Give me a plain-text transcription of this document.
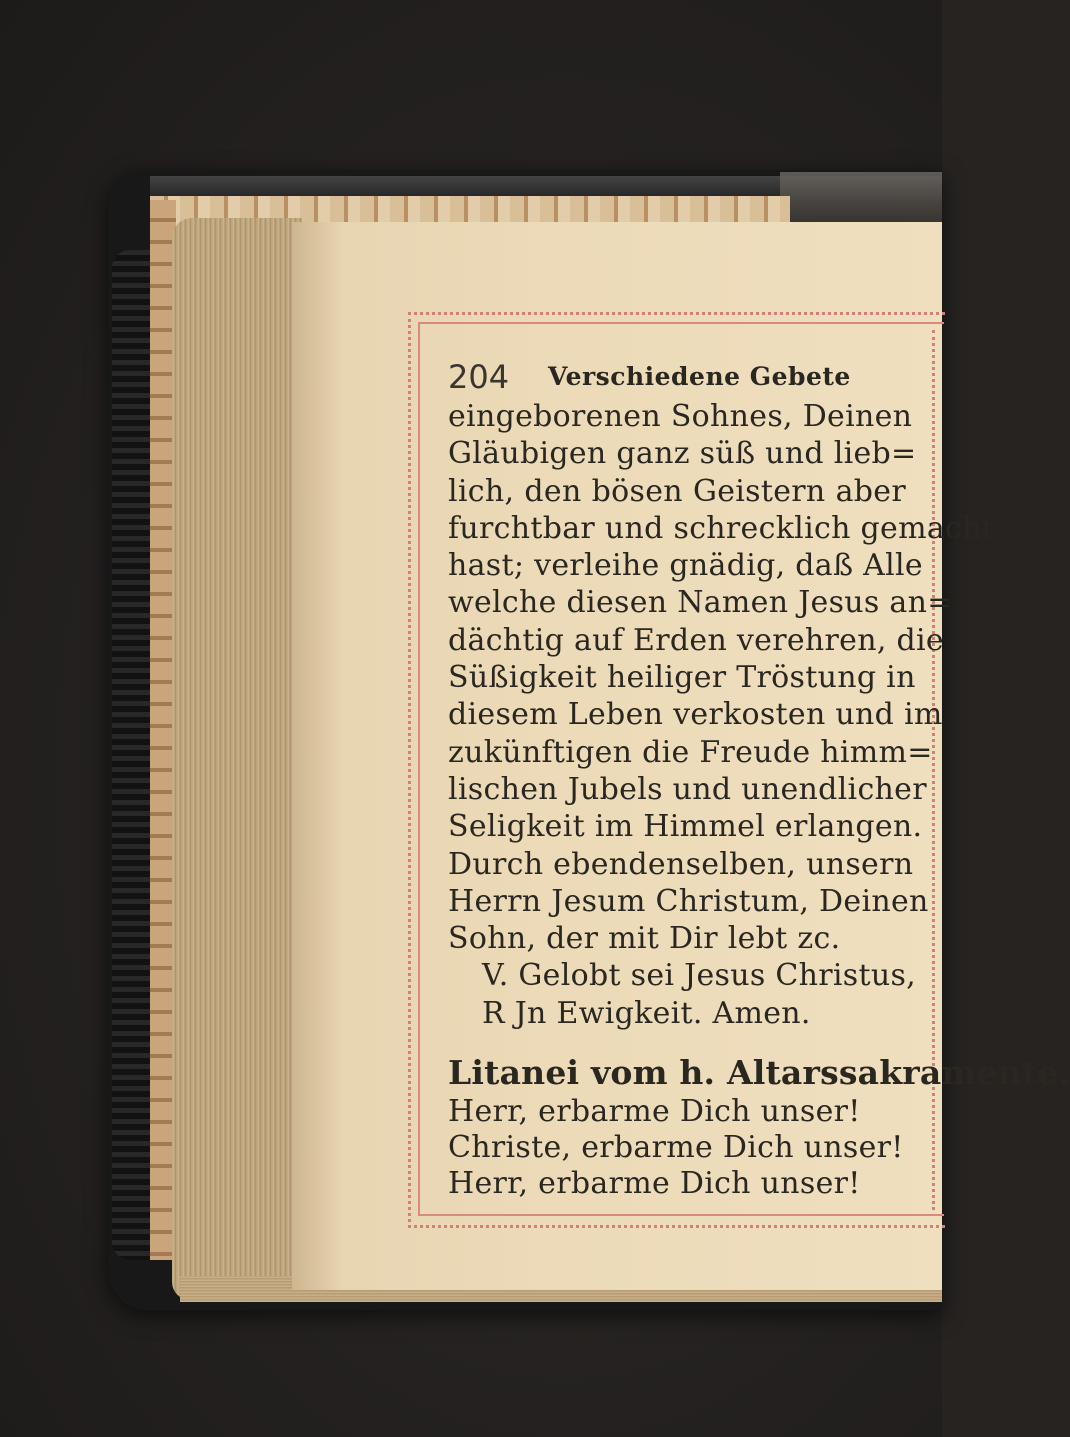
204 Verschiedene Gebete
eingeborenen Sohnes, Deinen
Gläubigen ganz süß und lieb=
lich, den bösen Geistern aber
furchtbar und schrecklich gemacht
hast; verleihe gnädig, daß Alle
welche diesen Namen Jesus an=
dächtig auf Erden verehren, die
Süßigkeit heiliger Tröstung in
diesem Leben verkosten und im
zukünftigen die Freude himm=
lischen Jubels und unendlicher
Seligkeit im Himmel erlangen.
Durch ebendenselben, unsern
Herrn Jesum Christum, Deinen
Sohn, der mit Dir lebt zc.
V. Gelobt sei Jesus Christus,
R Jn Ewigkeit. Amen.
Litanei vom h. Altarssakramente.
Herr, erbarme Dich unser!
Christe, erbarme Dich unser!
Herr, erbarme Dich unser!
